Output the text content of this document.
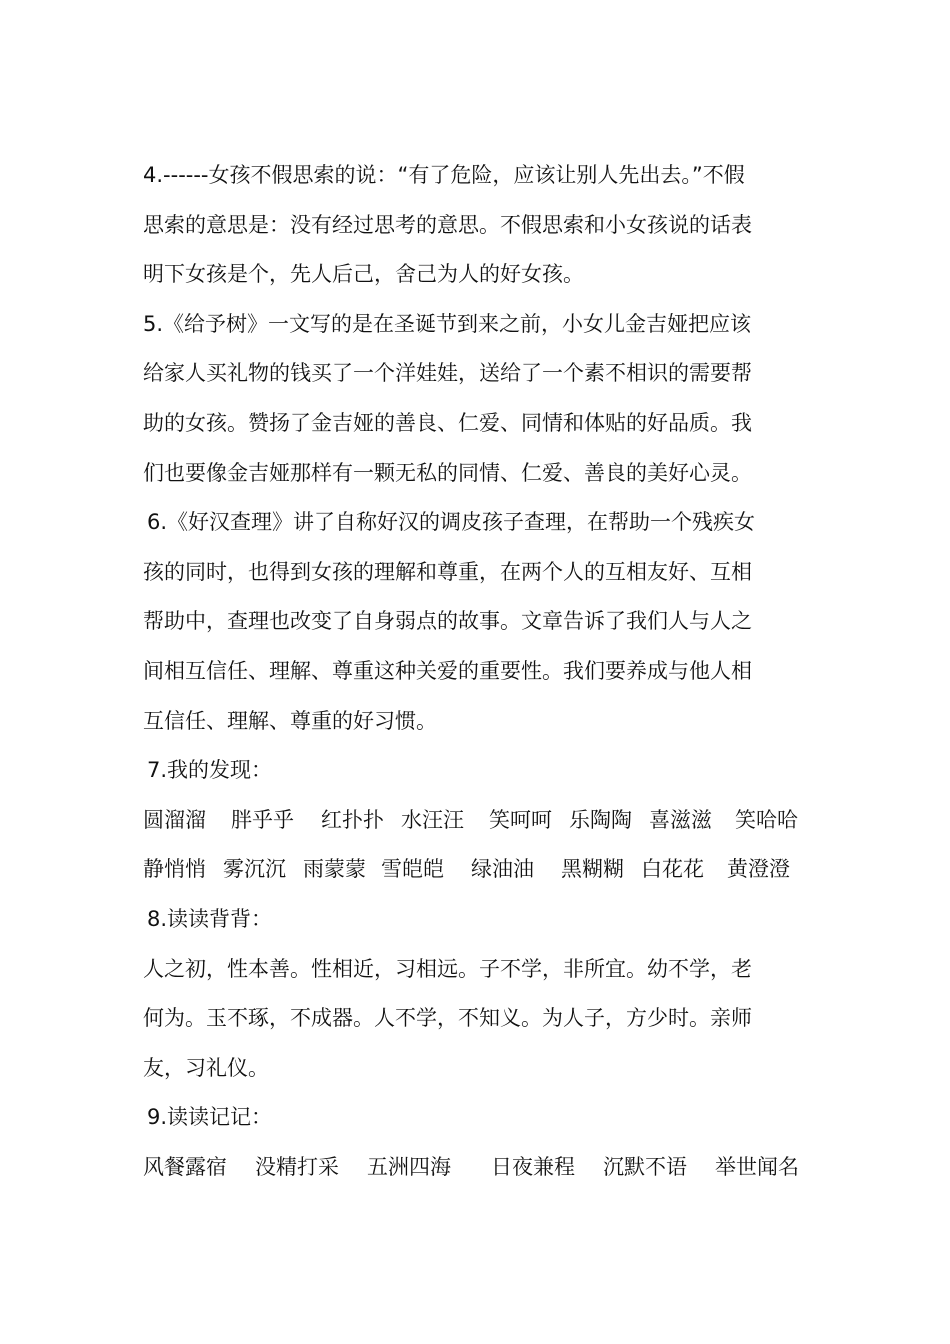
4.------女孩不假思索的说：“有了危险，应该让别人先出去。”不假
思索的意思是：没有经过思考的意思。不假思索和小女孩说的话表
明下女孩是个，先人后己，舍己为人的好女孩。
5.《给予树》一文写的是在圣诞节到来之前，小女儿金吉娅把应该
给家人买礼物的钱买了一个洋娃娃，送给了一个素不相识的需要帮
助的女孩。赞扬了金吉娅的善良、仁爱、同情和体贴的好品质。我
们也要像金吉娅那样有一颗无私的同情、仁爱、善良的美好心灵。
6.《好汉查理》讲了自称好汉的调皮孩子查理，在帮助一个残疾女
孩的同时，也得到女孩的理解和尊重，在两个人的互相友好、互相
帮助中，查理也改变了自身弱点的故事。文章告诉了我们人与人之
间相互信任、理解、尊重这种关爱的重要性。我们要养成与他人相
互信任、理解、尊重的好习惯。
7.我的发现：
圆溜溜 胖乎乎 红扑扑 水汪汪 笑呵呵 乐陶陶 喜滋滋 笑哈哈
静悄悄 雾沉沉 雨蒙蒙 雪皑皑 绿油油 黑糊糊 白花花 黄澄澄
8.读读背背：
人之初，性本善。性相近，习相远。子不学，非所宜。幼不学，老
何为。玉不琢，不成器。人不学，不知义。为人子，方少时。亲师
友，习礼仪。
9.读读记记：
风餐露宿 没精打采 五洲四海 日夜兼程 沉默不语 举世闻名
